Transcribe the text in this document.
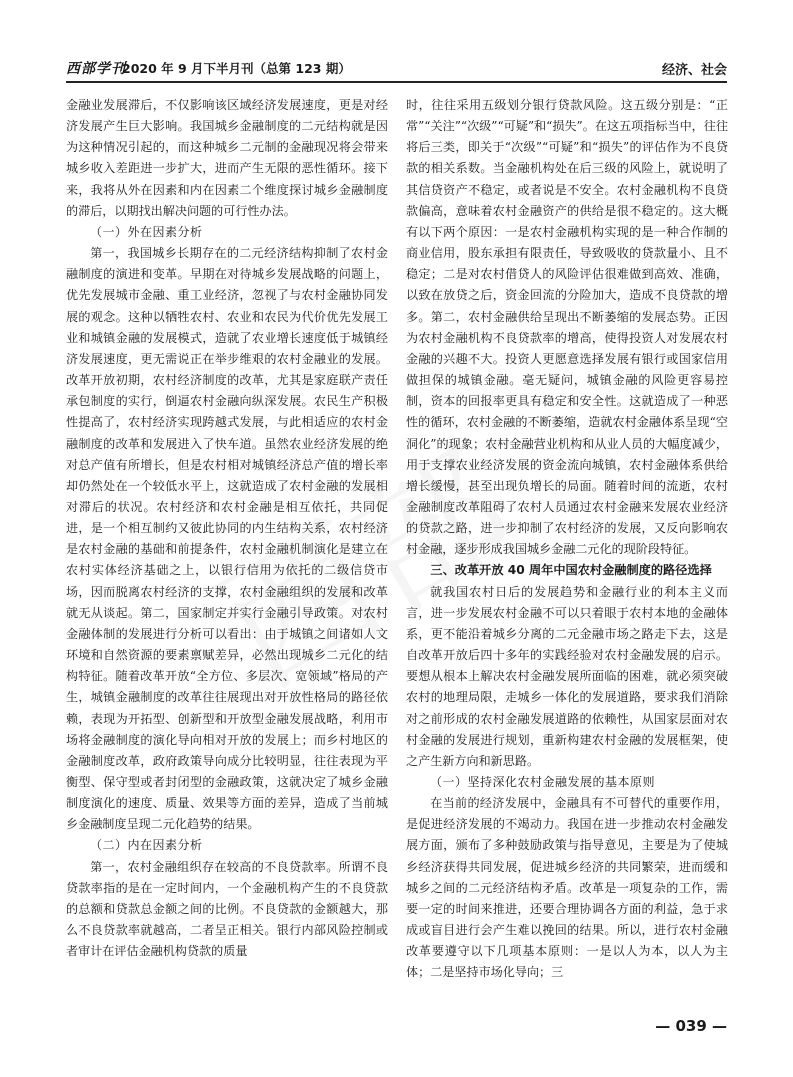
西部学刊
2020 年 9 月下半月刊（总第 123 期）	经济、社会

金融业发展滞后，不仅影响该区域经济发展速度，更是对经济发展产生巨大影响。我国城乡金融制度的二元结构就是因为这种情况引起的，而这种城乡二元制的金融现况将会带来城乡收入差距进一步扩大，进而产生无限的恶性循环。接下来，我将从外在因素和内在因素二个维度探讨城乡金融制度的滞后，以期找出解决问题的可行性办法。

（一）外在因素分析

第一，我国城乡长期存在的二元经济结构抑制了农村金融制度的演进和变革。早期在对待城乡发展战略的问题上，优先发展城市金融、重工业经济，忽视了与农村金融协同发展的观念。这种以牺牲农村、农业和农民为代价优先发展工业和城镇金融的发展模式，造就了农业增长速度低于城镇经济发展速度，更无需说正在举步维艰的农村金融业的发展。改革开放初期，农村经济制度的改革，尤其是家庭联产责任承包制度的实行，倒逼农村金融向纵深发展。农民生产积极性提高了，农村经济实现跨越式发展，与此相适应的农村金融制度的改革和发展进入了快车道。虽然农业经济发展的绝对总产值有所增长，但是农村相对城镇经济总产值的增长率却仍然处在一个较低水平上，这就造成了农村金融的发展相对滞后的状况。农村经济和农村金融是相互依托，共同促进，是一个相互制约又彼此协同的内生结构关系，农村经济是农村金融的基础和前提条件，农村金融机制演化是建立在农村实体经济基础之上，以银行信用为依托的二级信贷市场，因而脱离农村经济的支撑，农村金融组织的发展和改革就无从谈起。第二，国家制定并实行金融引导政策。对农村金融体制的发展进行分析可以看出：由于城镇之间诸如人文环境和自然资源的要素禀赋差异，必然出现城乡二元化的结构特征。随着改革开放“全方位、多层次、宽领域”格局的产生，城镇金融制度的改革往往展现出对开放性格局的路径依赖，表现为开拓型、创新型和开放型金融发展战略，利用市场将金融制度的演化导向相对开放的发展上；而乡村地区的金融制度改革，政府政策导向成分比较明显，往往表现为平衡型、保守型或者封闭型的金融政策，这就决定了城乡金融制度演化的速度、质量、效果等方面的差异，造成了当前城乡金融制度呈现二元化趋势的结果。

（二）内在因素分析

第一，农村金融组织存在较高的不良贷款率。所谓不良贷款率指的是在一定时间内，一个金融机构产生的不良贷款的总额和贷款总金额之间的比例。不良贷款的金额越大，那么不良贷款率就越高，二者呈正相关。银行内部风险控制或者审计在评估金融机构贷款的质量

时，往往采用五级划分银行贷款风险。这五级分别是：“正常”“关注”“次级”“可疑”和“损失”。在这五项指标当中，往往将后三类，即关于“次级”“可疑”和“损失”的评估作为不良贷款的相关系数。当金融机构处在后三级的风险上，就说明了其信贷资产不稳定，或者说是不安全。农村金融机构不良贷款偏高，意味着农村金融资产的供给是很不稳定的。这大概有以下两个原因：一是农村金融机构实现的是一种合作制的商业信用，股东承担有限责任，导致吸收的贷款量小、且不稳定；二是对农村借贷人的风险评估很难做到高效、准确，以致在放贷之后，资金回流的分险加大，造成不良贷款的增多。第二，农村金融供给呈现出不断萎缩的发展态势。正因为农村金融机构不良贷款率的增高，使得投资人对发展农村金融的兴趣不大。投资人更愿意选择发展有银行或国家信用做担保的城镇金融。毫无疑问，城镇金融的风险更容易控制，资本的回报率更具有稳定和安全性。这就造成了一种恶性的循环，农村金融的不断萎缩，造就农村金融体系呈现“空洞化”的现象；农村金融营业机构和从业人员的大幅度减少，用于支撑农业经济发展的资金流向城镇，农村金融体系供给增长缓慢，甚至出现负增长的局面。随着时间的流逝，农村金融制度改革阻碍了农村人员通过农村金融来发展农业经济的贷款之路，进一步抑制了农村经济的发展，又反向影响农村金融，逐步形成我国城乡金融二元化的现阶段特征。

三、改革开放 40 周年中国农村金融制度的路径选择

就我国农村日后的发展趋势和金融行业的利本主义而言，进一步发展农村金融不可以只着眼于农村本地的金融体系，更不能沿着城乡分离的二元金融市场之路走下去，这是自改革开放后四十多年的实践经验对农村金融发展的启示。要想从根本上解决农村金融发展所面临的困难，就必须突破农村的地理局限，走城乡一体化的发展道路，要求我们消除对之前形成的农村金融发展道路的依赖性，从国家层面对农村金融的发展进行规划，重新构建农村金融的发展框架，使之产生新方向和新思路。

（一）坚持深化农村金融发展的基本原则

在当前的经济发展中，金融具有不可替代的重要作用，是促进经济发展的不竭动力。我国在进一步推动农村金融发展方面，颁布了多种鼓励政策与指导意见，主要是为了使城乡经济获得共同发展，促进城乡经济的共同繁荣，进而缓和城乡之间的二元经济结构矛盾。改革是一项复杂的工作，需要一定的时间来推进，还要合理协调各方面的利益，急于求成或盲目进行会产生难以挽回的结果。所以，进行农村金融改革要遵守以下几项基本原则：一是以人为本，以人为主体；二是坚持市场化导向；三

— 039 —
